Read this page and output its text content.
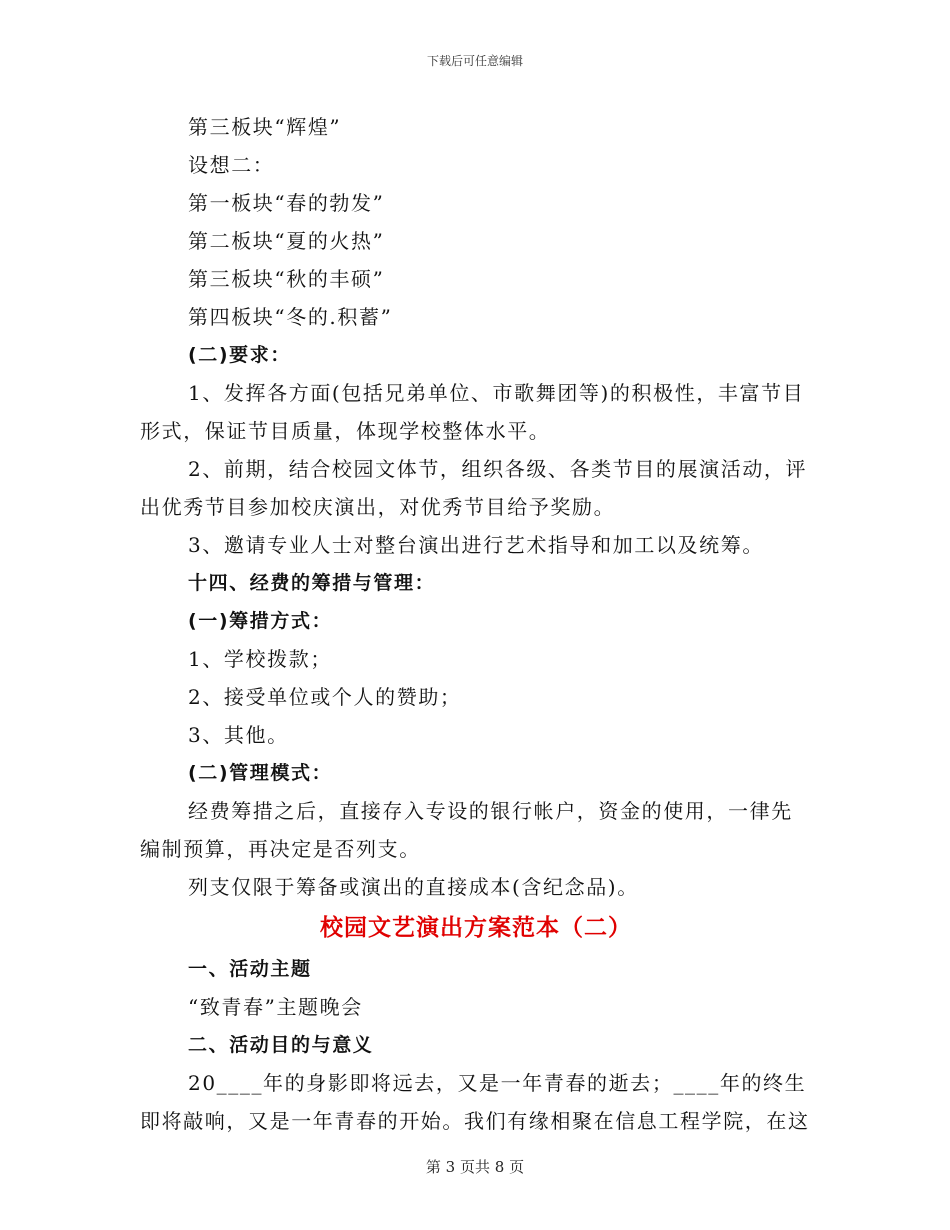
下载后可任意编辑

第三板块“辉煌”

设想二：

第一板块“春的勃发”

第二板块“夏的火热”

第三板块“秋的丰硕”

第四板块“冬的.积蓄”

(二)要求：

1、发挥各方面(包括兄弟单位、市歌舞团等)的积极性，丰富节目形式，保证节目质量，体现学校整体水平。

2、前期，结合校园文体节，组织各级、各类节目的展演活动，评出优秀节目参加校庆演出，对优秀节目给予奖励。

3、邀请专业人士对整台演出进行艺术指导和加工以及统筹。

十四、经费的筹措与管理：

(一)筹措方式：

1、学校拨款；

2、接受单位或个人的赞助；

3、其他。

(二)管理模式：

经费筹措之后，直接存入专设的银行帐户，资金的使用，一律先编制预算，再决定是否列支。

列支仅限于筹备或演出的直接成本(含纪念品)。

校园文艺演出方案范本（二）

一、活动主题

“致青春”主题晚会

二、活动目的与意义

20____年的身影即将远去，又是一年青春的逝去；____年的终生即将敲响，又是一年青春的开始。我们有缘相聚在信息工程学院，在这

第 3 页共 8 页
